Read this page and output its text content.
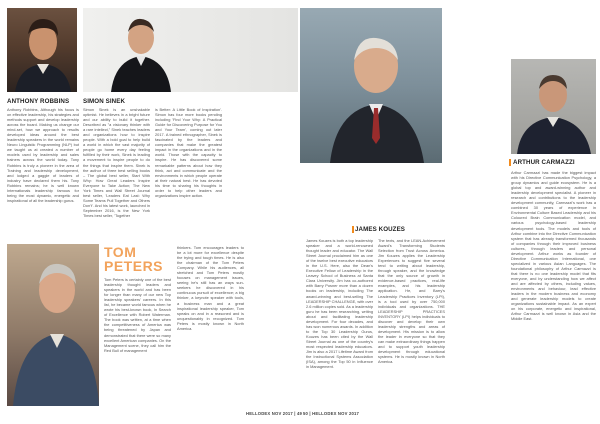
ANTHONY ROBBINS
Anthony Robbins, Although his focus is on effective leadership, his strategies and methods support and develop leadership across the board. Making us change our mind-set, how we approach to results developed ideas around the best leadership speakers in the world remains Neuro Linguistic Programming (NLP) but we taught us at created a number of models used by leadership and sales trainers across the world today. Tony Robbins is truly a pioneer in the area of Training and leadership development, and lodged a gaggle of leaders of industry have declared them his. Tony Robbins remains; he is well known Internationals leadership famous for being the most dynamic, energetic and inspirational of all the leadership gurus.
SIMON SINEK
Simon Sinek is an unshakable optimist. He believes in a bright future and our ability to build it together. Described as "a visionary thinker with a rare intellect," Sinek teaches leaders and organizations how to inspire people. With a bold goal to help build a world in which the vast majority of people go home every day feeling fulfilled by their work, Sinek is leading a movement to inspire people to do the things that inspire them. Sinek is the author of three best selling books – The global best seller, Start With Why: How Great Leaders Inspire Everyone to Take Action; The New York Times and Wall Street Journal best seller, 'Leaders Eat Last: Why Some Teams Pull Together and Others Don't'. And his latest work, launched in September 2016, is the New York Times best seller, 'Together
is Better: A Little Book of Inspiration'. Simon has four more books pending including 'Find Your Why: A Practical Guide for Discovering Purpose for You and Your Team', coming out later 2017. A trained ethnographer, Sinek is fascinated by the leaders and companies that make the greatest impact in the organizations and in the world. Those with the capacity to inspire. He has discovered some remarkable patterns about how they think, act and communicate and the environments in which people operate at their natural best. He has devoted his time to sharing his thoughts in order to help other leaders and organizations inspire action.
TOM
PETERS
Tom Peters is certainly one of the best leadership thought leaders and speakers in the world and has been for longer than many of our new Top leadership speakers' careers. In this list, he became world famous when he wrote his best-known book, In Search of Excellence with Robert Waterman. The book was written, at a time when the competitiveness of America was being threatened by Japan and demonstrated that there were so many excellent American companies. On the Management scene, they call him the Red Bull of management
thinkers. Tom encourages leaders to be a lot more for excellence despite the trying and tough times. He is also the chairman of the Tom Peters Company. While his audiences, all stretched and Tom Peters mostly focuses on management issues, seeing he's still has an ways sun-seekers he discovered in his continuous pursuit of excellence; a big thinker, a keynote speaker with tools, a business man and a great inspirational leadership speaker, Tom speaks on and in a reasoned and is unquestionably in recognized. Tom Peters is mostly known in North America.
HELLODEX NOV 2017 | 49
JAMES KOUZES
James Kouzes is both a top leadership speaker and a world-renowned thought leader and educator. The Wall Street Journal proclaimed him as one of the twelve best executive educators in the U.S. Here, also the Dean's Executive Fellow of Leadership in the Leavey School of Business at Santa Clara University. Jim has co-authored with Barry Posner more than a dozen books on leadership, including The award-winning and best-selling The LEADERSHIP CHALLENGE, with over 2.6 million copies sold. As a leadership guru he has been researching, writing about and facilitating leadership development. For four decades, and has won numerous awards. In addition to the Top 30 Leadership Gurus, Kouzes has been cited by the Wall Street Journal as one of the country's most respected leadership educators. Jim is also a 2017 Lifetime Award from the Instructional Systems Association (ISA), among the Top 50 in Influence in Management.
The texts, and the LEAN-Achievement Award's Transforming Students Selection from Trust Across America. Jim Kouzes applies the Leadership Experiences to suggest five several tend to writing about leadership, through speaker, and the knowledge that the only source of growth in evidence-based practices, real-life examples, and his leadership application. He, and Barry's Leadership Practices Inventory (LPI), is a tool used by over 750,000 individuals and organizations. THE LEADERSHIP PRACTICES INVENTORY (LPI) helps individuals to discover and develop their own leadership strengths and areas of development. His mission is to allow the leader in everyone so that they can make extraordinary things happen and to support youth leadership development through educational systems. He is mostly known in North America.
ARTHUR CARMAZZI
Arthur Carmazzi has made the biggest impact with his Directive Communication Psychology, a group dynamics and guide ecosystem. He is a global top and award-winning author and leadership development specialist. A pioneer in research and contributions to the leadership development community, Carmazzi's work has a combined 30 years of experience in Environmental Culture Based Leadership and his Coloured Brain Communication model, and various psychology-based leadership development tools. The models and tools of Arthur combine into the Directive Communication system that has already transformed thousands of companies through their improved business cultures, through leaders and personal development. Arthur works as founder of Directive Communication International, one specialized in various Asian Languages. The foundational philosophy of Arthur Carmazzi is that there is no one leadership model that fits everyone, and by understanding how we affect and are affected by others, including values, environments and behaviour, lead effective leaders in the modern business and economy and generate leadership models to create organizations sustainable impact. As an expert on his corporate, energetic and inspirational, Arthur Carmazzi is well known in Asia and the Middle East.
50 | HELLODEX NOV 2017
